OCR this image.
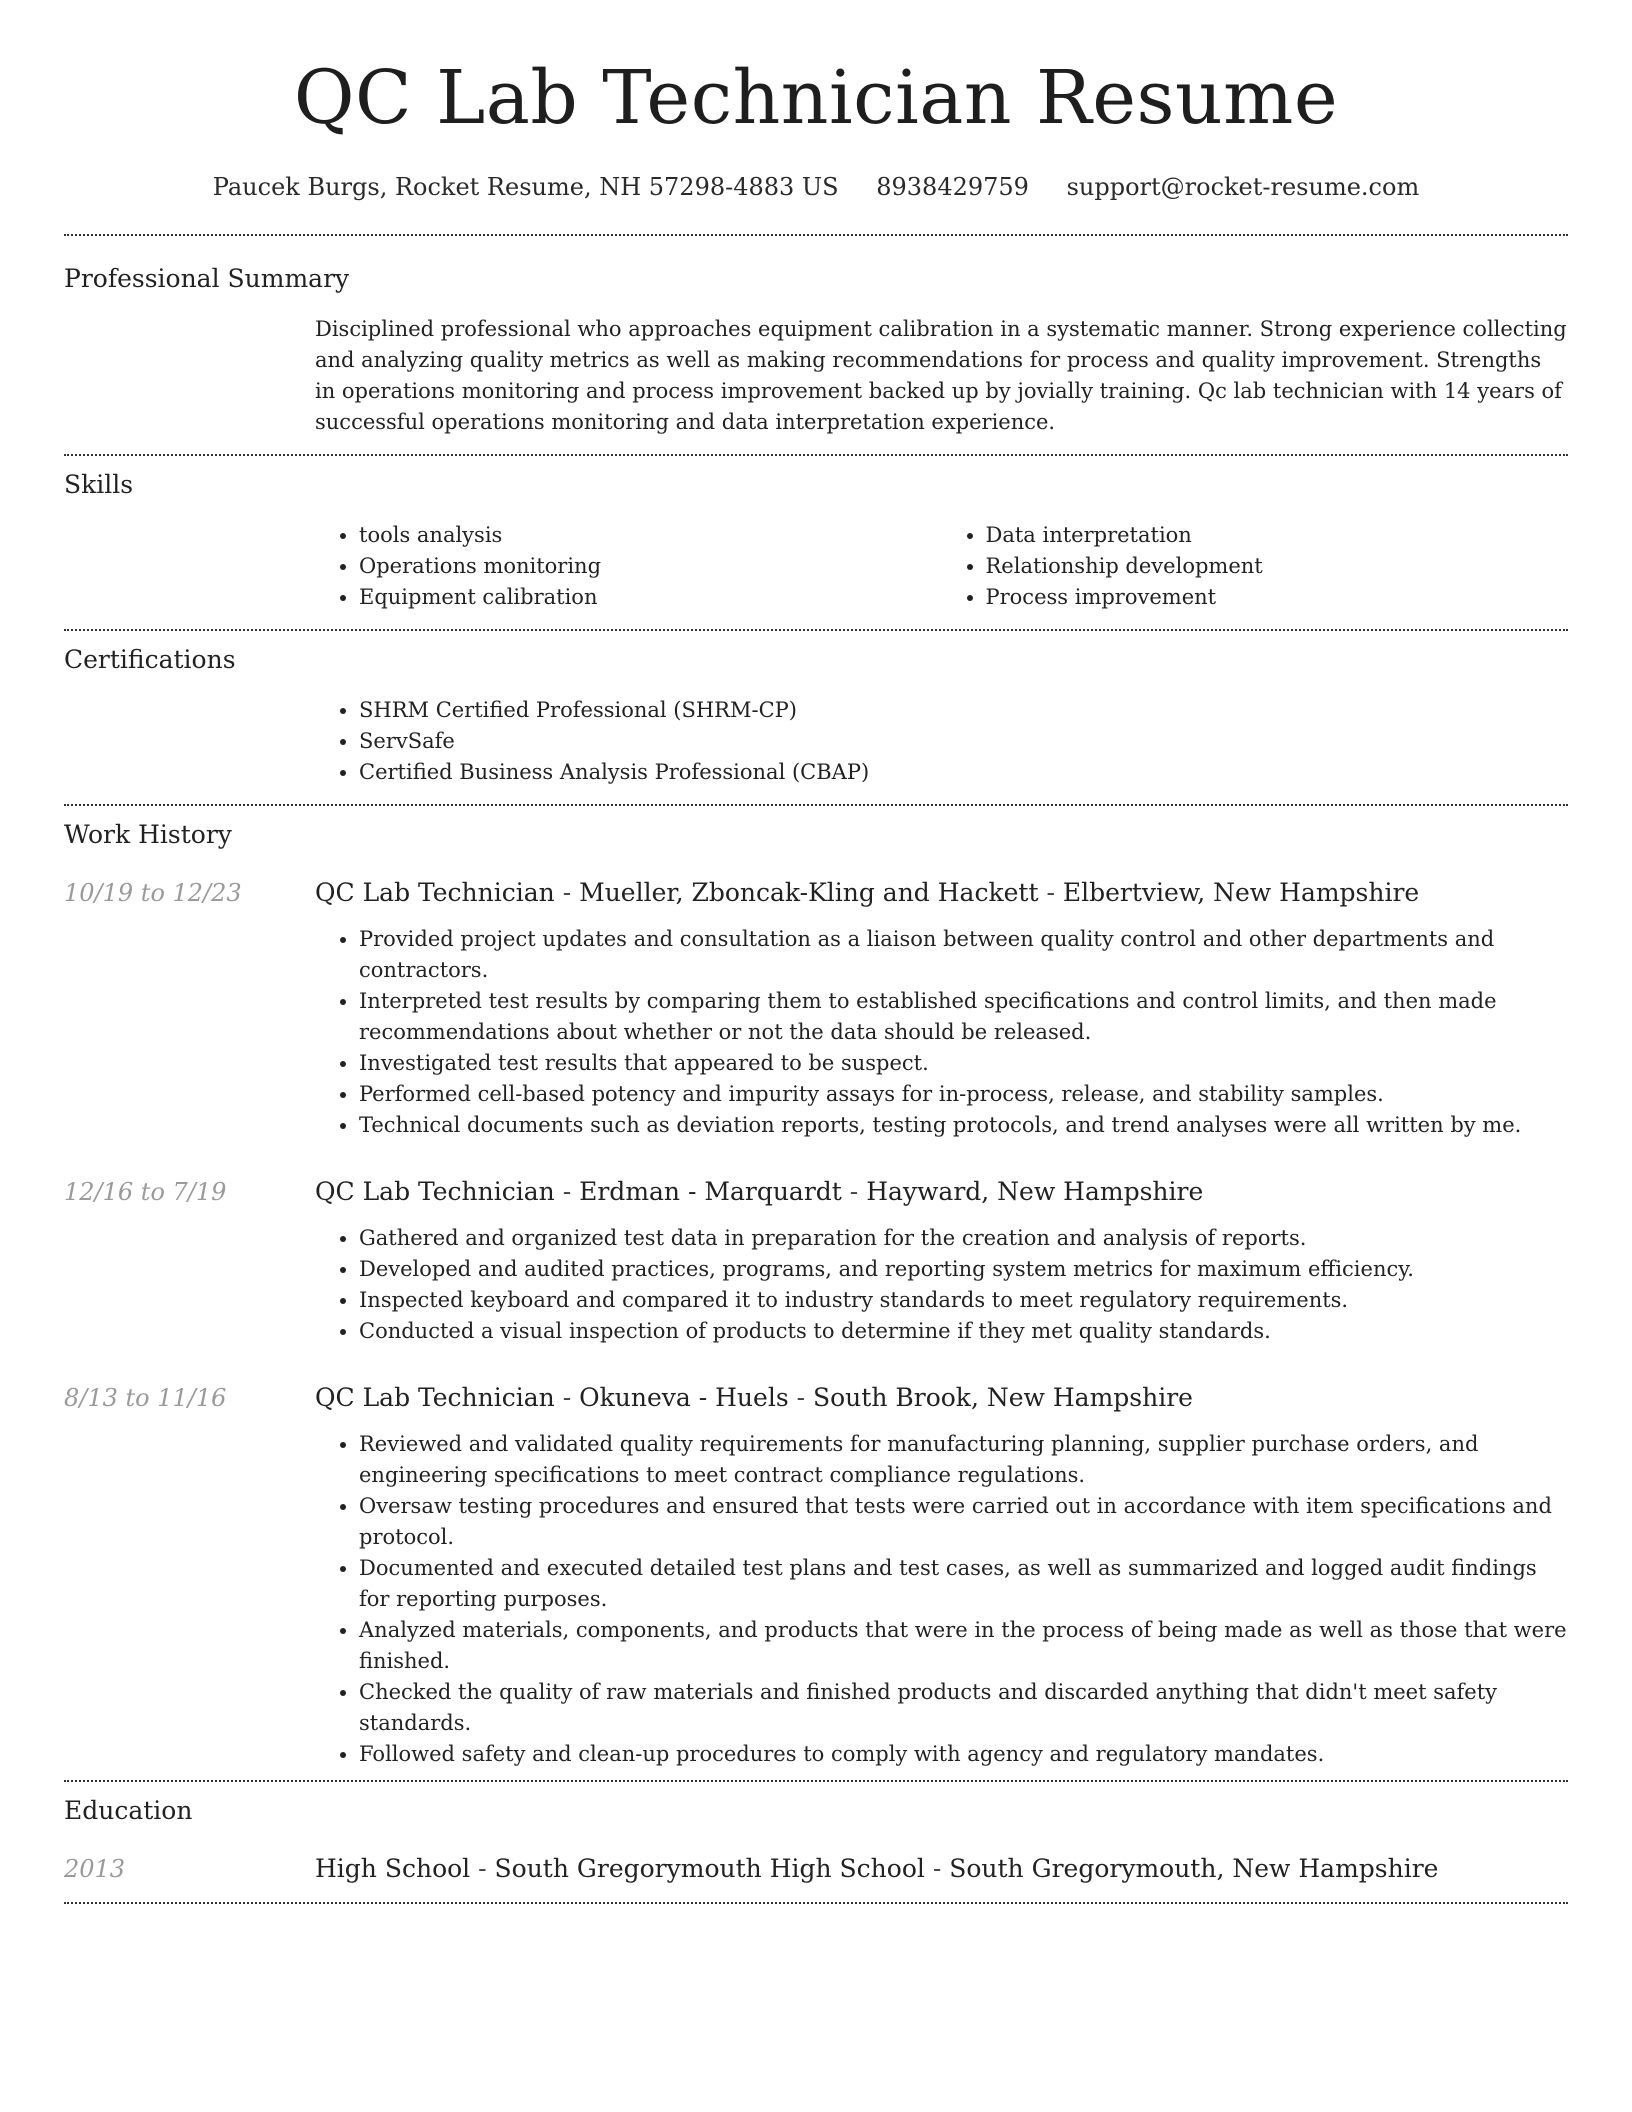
QC Lab Technician Resume
Paucek Burgs, Rocket Resume, NH 57298-4883 US 8938429759 support@rocket-resume.com
Professional Summary

Disciplined professional who approaches equipment calibration in a systematic manner. Strong experience collecting and analyzing quality metrics as well as making recommendations for process and quality improvement. Strengths in operations monitoring and process improvement backed up by jovially training. Qc lab technician with 14 years of successful operations monitoring and data interpretation experience.

Skills
• tools analysis
• Operations monitoring
• Equipment calibration
• Data interpretation
• Relationship development
• Process improvement
Certifications
• SHRM Certified Professional (SHRM-CP)
• ServSafe
• Certified Business Analysis Professional (CBAP)
Work History
10/19 to 12/23	QC Lab Technician - Mueller, Zboncak-Kling and Hackett - Elbertview, New Hampshire
• Provided project updates and consultation as a liaison between quality control and other departments and contractors.
• Interpreted test results by comparing them to established specifications and control limits, and then made recommendations about whether or not the data should be released.
• Investigated test results that appeared to be suspect.
• Performed cell-based potency and impurity assays for in-process, release, and stability samples.
• Technical documents such as deviation reports, testing protocols, and trend analyses were all written by me.
12/16 to 7/19	QC Lab Technician - Erdman - Marquardt - Hayward, New Hampshire
• Gathered and organized test data in preparation for the creation and analysis of reports.
• Developed and audited practices, programs, and reporting system metrics for maximum efficiency.
• Inspected keyboard and compared it to industry standards to meet regulatory requirements.
• Conducted a visual inspection of products to determine if they met quality standards.
8/13 to 11/16	QC Lab Technician - Okuneva - Huels - South Brook, New Hampshire
• Reviewed and validated quality requirements for manufacturing planning, supplier purchase orders, and engineering specifications to meet contract compliance regulations.
• Oversaw testing procedures and ensured that tests were carried out in accordance with item specifications and protocol.
• Documented and executed detailed test plans and test cases, as well as summarized and logged audit findings for reporting purposes.
• Analyzed materials, components, and products that were in the process of being made as well as those that were finished.
• Checked the quality of raw materials and finished products and discarded anything that didn't meet safety standards.
• Followed safety and clean-up procedures to comply with agency and regulatory mandates.
Education
2013	High School - South Gregorymouth High School - South Gregorymouth, New Hampshire
